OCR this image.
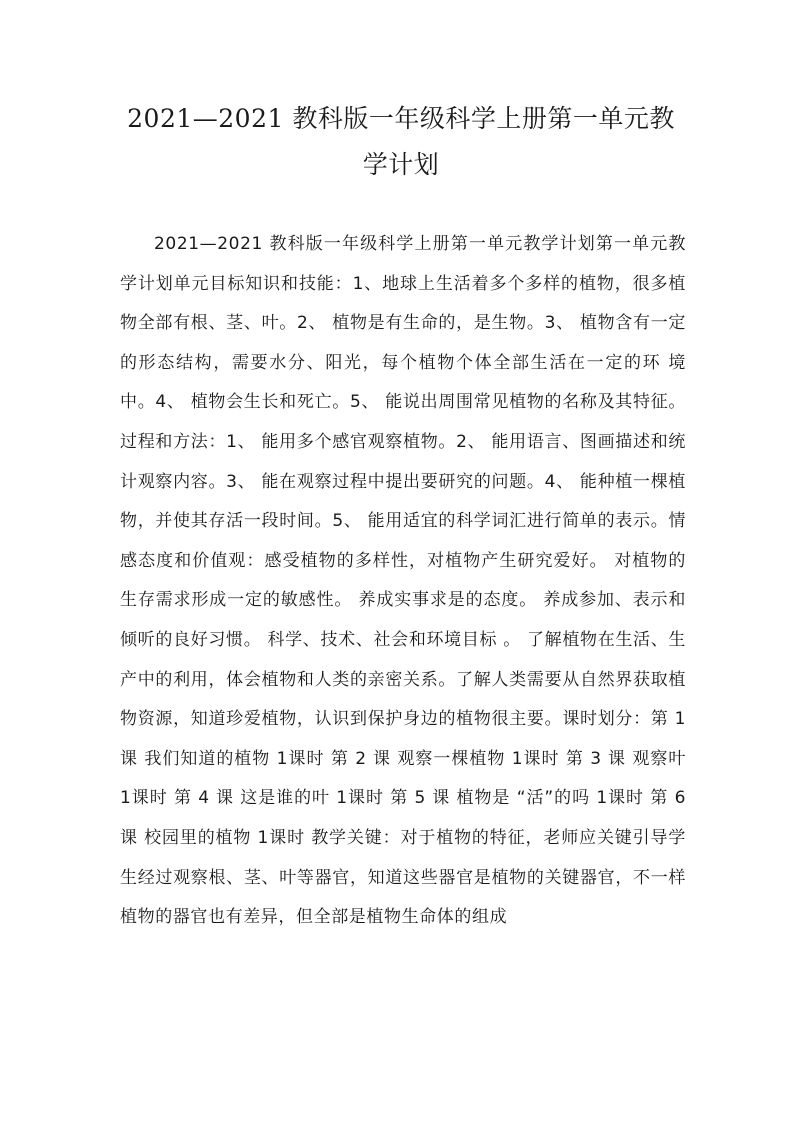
2021—2021 教科版一年级科学上册第一单元教学计划

2021—2021 教科版一年级科学上册第一单元教学计划第一单元教学计划单元目标知识和技能：1、地球上生活着多个多样的植物，很多植物全部有根、茎、叶。2、 植物是有生命的，是生物。3、 植物含有一定的形态结构，需要水分、阳光，每个植物个体全部生活在一定的环 境中。4、 植物会生长和死亡。5、 能说出周围常见植物的名称及其特征。过程和方法：1、 能用多个感官观察植物。2、 能用语言、图画描述和统计观察内容。3、 能在观察过程中提出要研究的问题。4、 能种植一棵植物，并使其存活一段时间。5、 能用适宜的科学词汇进行简单的表示。情感态度和价值观：感受植物的多样性，对植物产生研究爱好。 对植物的生存需求形成一定的敏感性。 养成实事求是的态度。 养成参加、表示和倾听的良好习惯。 科学、技术、社会和环境目标 。 了解植物在生活、生产中的利用，体会植物和人类的亲密关系。了解人类需要从自然界获取植物资源，知道珍爱植物，认识到保护身边的植物很主要。课时划分：第 1 课 我们知道的植物 1课时 第 2 课 观察一棵植物 1课时 第 3 课 观察叶 1课时 第 4 课 这是谁的叶 1课时 第 5 课 植物是 “活”的吗 1课时 第 6 课 校园里的植物 1课时 教学关键：对于植物的特征，老师应关键引导学生经过观察根、茎、叶等器官，知道这些器官是植物的关键器官，不一样植物的器官也有差异，但全部是植物生命体的组成
